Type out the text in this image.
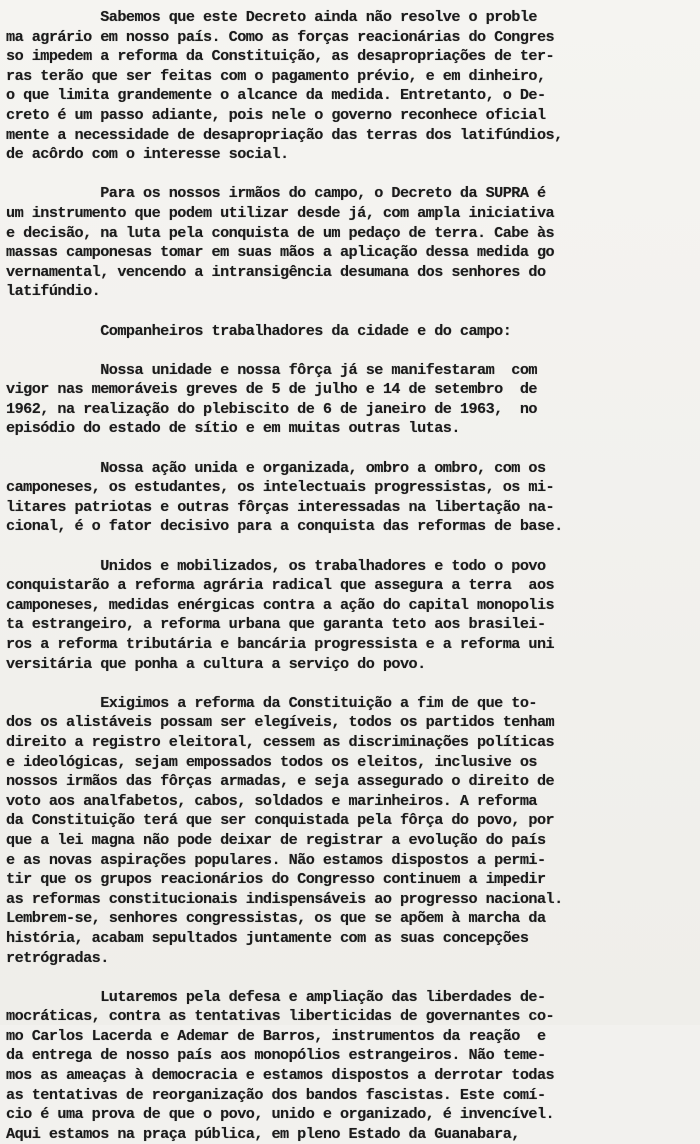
Sabemos que este Decreto ainda não resolve o proble
ma agrário em nosso país. Como as forças reacionárias do Congres
so impedem a reforma da Constituição, as desapropriações de ter-
ras terão que ser feitas com o pagamento prévio, e em dinheiro,
o que limita grandemente o alcance da medida. Entretanto, o De-
creto é um passo adiante, pois nele o governo reconhece oficial
mente a necessidade de desapropriação das terras dos latifúndios,
de acôrdo com o interesse social.
Para os nossos irmãos do campo, o Decreto da SUPRA é
um instrumento que podem utilizar desde já, com ampla iniciativa
e decisão, na luta pela conquista de um pedaço de terra. Cabe às
massas camponesas tomar em suas mãos a aplicação dessa medida go
vernamental, vencendo a intransigência desumana dos senhores do
latifúndio.
Companheiros trabalhadores da cidade e do campo:
Nossa unidade e nossa fôrça já se manifestaram  com
vigor nas memoráveis greves de 5 de julho e 14 de setembro  de
1962, na realização do plebiscito de 6 de janeiro de 1963,  no
episódio do estado de sítio e em muitas outras lutas.
Nossa ação unida e organizada, ombro a ombro, com os
camponeses, os estudantes, os intelectuais progressistas, os mi-
litares patriotas e outras fôrças interessadas na libertação na-
cional, é o fator decisivo para a conquista das reformas de base.
Unidos e mobilizados, os trabalhadores e todo o povo
conquistarão a reforma agrária radical que assegura a terra  aos
camponeses, medidas enérgicas contra a ação do capital monopolis
ta estrangeiro, a reforma urbana que garanta teto aos brasilei-
ros a reforma tributária e bancária progressista e a reforma uni
versitária que ponha a cultura a serviço do povo.
Exigimos a reforma da Constituição a fim de que to-
dos os alistáveis possam ser elegíveis, todos os partidos tenham
direito a registro eleitoral, cessem as discriminações políticas
e ideológicas, sejam empossados todos os eleitos, inclusive os
nossos irmãos das fôrças armadas, e seja assegurado o direito de
voto aos analfabetos, cabos, soldados e marinheiros. A reforma
da Constituição terá que ser conquistada pela fôrça do povo, por
que a lei magna não pode deixar de registrar a evolução do país
e as novas aspirações populares. Não estamos dispostos a permi-
tir que os grupos reacionários do Congresso continuem a impedir
as reformas constitucionais indispensáveis ao progresso nacional.
Lembrem-se, senhores congressistas, os que se apõem à marcha da
história, acabam sepultados juntamente com as suas concepções
retrógradas.
Lutaremos pela defesa e ampliação das liberdades de-
mocráticas, contra as tentativas liberticidas de governantes co-
mo Carlos Lacerda e Ademar de Barros, instrumentos da reação  e
da entrega de nosso país aos monopólios estrangeiros. Não teme-
mos as ameaças à democracia e estamos dispostos a derrotar todas
as tentativas de reorganização dos bandos fascistas. Este comí-
cio é uma prova de que o povo, unido e organizado, é invencível.
Aqui estamos na praça pública, em pleno Estado da Guanabara,
